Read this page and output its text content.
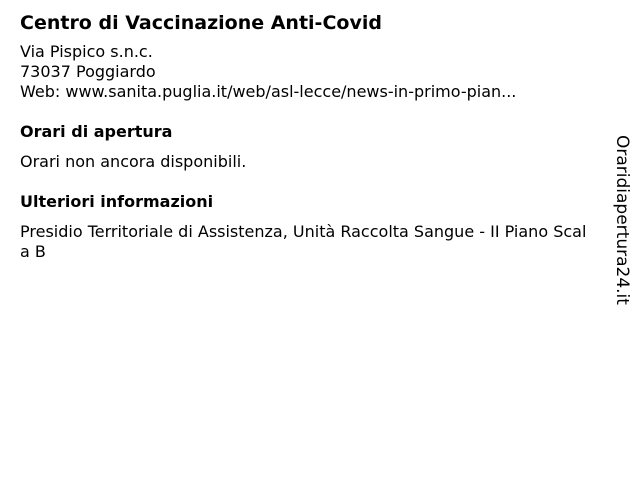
Centro di Vaccinazione Anti-Covid
Via Pispico s.n.c.
73037 Poggiardo
Web: www.sanita.puglia.it/web/asl-lecce/news-in-primo-pian...
Orari di apertura
Orari non ancora disponibili.
Ulteriori informazioni
Presidio Territoriale di Assistenza, Unità Raccolta Sangue - II Piano Scala B	Oraridiapertura24.it
